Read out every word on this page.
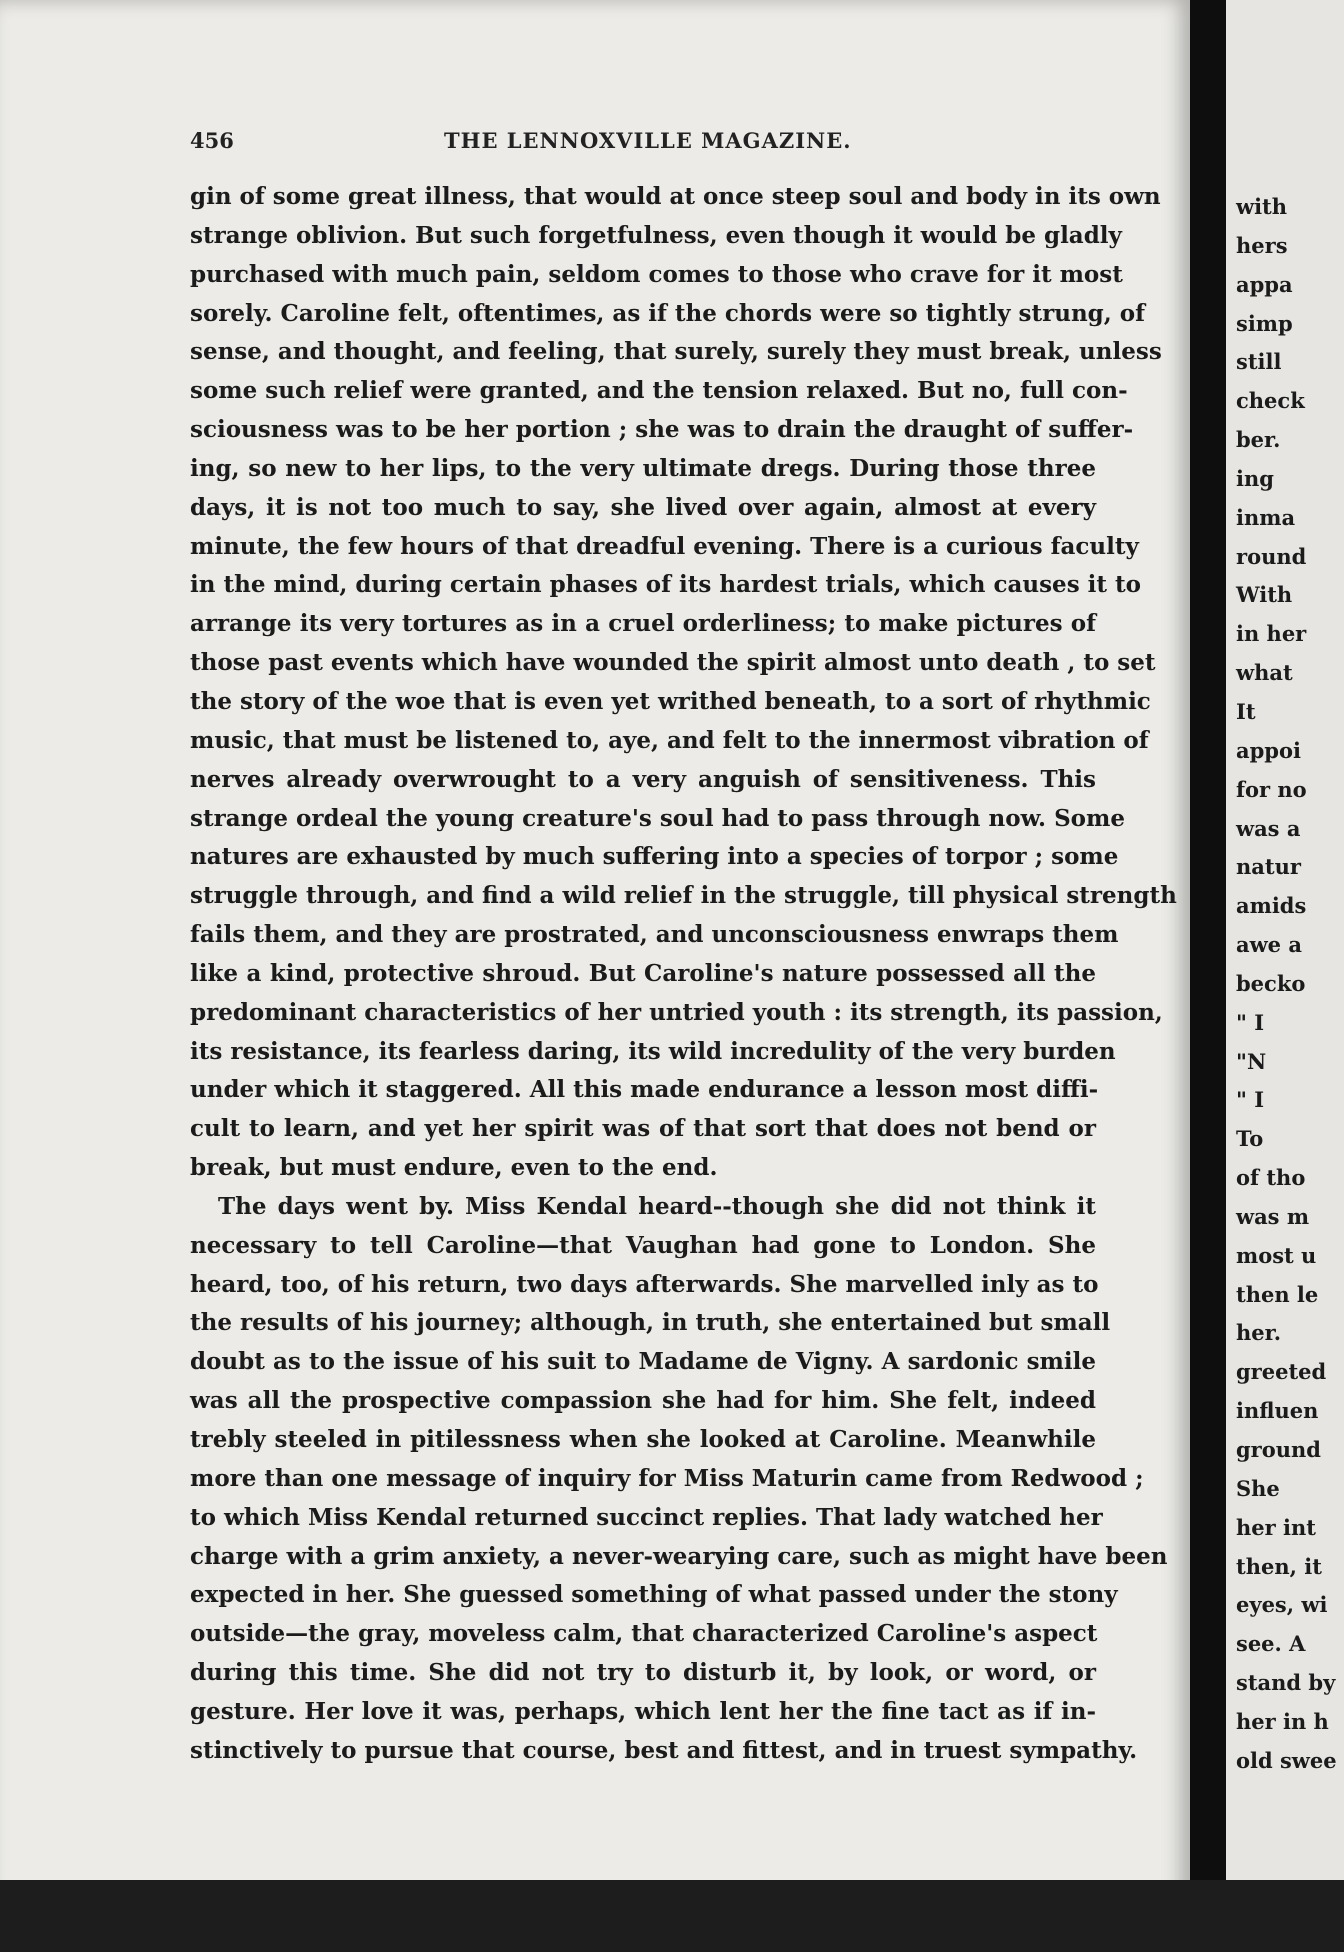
456	THE LENNOXVILLE MAGAZINE.
gin of some great illness, that would at once steep soul and body in its own
strange oblivion. But such forgetfulness, even though it would be gladly
purchased with much pain, seldom comes to those who crave for it most
sorely. Caroline felt, oftentimes, as if the chords were so tightly strung, of
sense, and thought, and feeling, that surely, surely they must break, unless
some such relief were granted, and the tension relaxed. But no, full con-
sciousness was to be her portion ; she was to drain the draught of suffer-
ing, so new to her lips, to the very ultimate dregs. During those three
days, it is not too much to say, she lived over again, almost at every
minute, the few hours of that dreadful evening. There is a curious faculty
in the mind, during certain phases of its hardest trials, which causes it to
arrange its very tortures as in a cruel orderliness; to make pictures of
those past events which have wounded the spirit almost unto death , to set
the story of the woe that is even yet writhed beneath, to a sort of rhythmic
music, that must be listened to, aye, and felt to the innermost vibration of
nerves already overwrought to a very anguish of sensitiveness. This
strange ordeal the young creature's soul had to pass through now. Some
natures are exhausted by much suffering into a species of torpor ; some
struggle through, and find a wild relief in the struggle, till physical strength
fails them, and they are prostrated, and unconsciousness enwraps them
like a kind, protective shroud. But Caroline's nature possessed all the
predominant characteristics of her untried youth : its strength, its passion,
its resistance, its fearless daring, its wild incredulity of the very burden
under which it staggered. All this made endurance a lesson most diffi-
cult to learn, and yet her spirit was of that sort that does not bend or
break, but must endure, even to the end.
The days went by. Miss Kendal heard--though she did not think it
necessary to tell Caroline—that Vaughan had gone to London. She
heard, too, of his return, two days afterwards. She marvelled inly as to
the results of his journey; although, in truth, she entertained but small
doubt as to the issue of his suit to Madame de Vigny. A sardonic smile
was all the prospective compassion she had for him. She felt, indeed
trebly steeled in pitilessness when she looked at Caroline. Meanwhile
more than one message of inquiry for Miss Maturin came from Redwood ;
to which Miss Kendal returned succinct replies. That lady watched her
charge with a grim anxiety, a never-wearying care, such as might have been
expected in her. She guessed something of what passed under the stony
outside—the gray, moveless calm, that characterized Caroline's aspect
during this time. She did not try to disturb it, by look, or word, or
gesture. Her love it was, perhaps, which lent her the fine tact as if in-
stinctively to pursue that course, best and fittest, and in truest sympathy.
with
hers
appa
simp
still
check
ber.
ing
inma
round
With
in her
what
It
appoi
for no
was a
natur
amids
awe a
becko
" I
"N
" I
To
of tho
was m
most u
then le
her.
greeted
influen
ground
She
her int
then, it
eyes, wi
see. A
stand by
her in h
old swee
